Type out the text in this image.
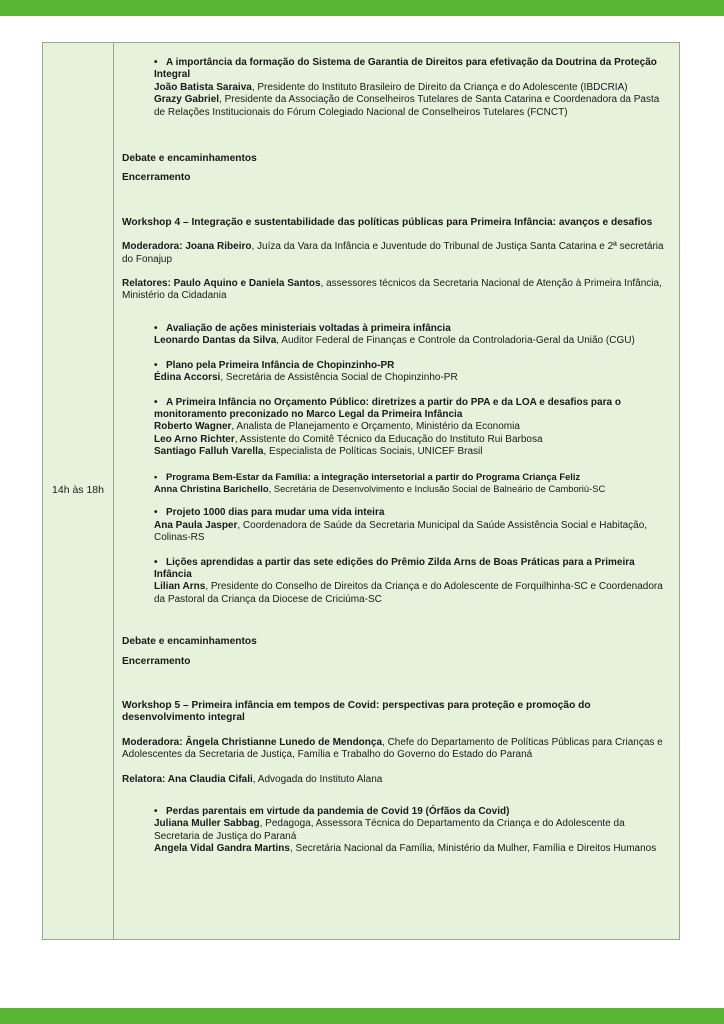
14h às 18h

• A importância da formação do Sistema de Garantia de Direitos para efetivação da Doutrina da Proteção Integral

João Batista Saraiva, Presidente do Instituto Brasileiro de Direito da Criança e do Adolescente (IBDCRIA)

Grazy Gabriel, Presidente da Associação de Conselheiros Tutelares de Santa Catarina e Coordenadora da Pasta de Relações Institucionais do Fórum Colegiado Nacional de Conselheiros Tutelares (FCNCT)

Debate e encaminhamentos

Encerramento

Workshop 4 – Integração e sustentabilidade das políticas públicas para Primeira Infância: avanços e desafios

Moderadora: Joana Ribeiro, Juíza da Vara da Infância e Juventude do Tribunal de Justiça Santa Catarina e 2ª secretária do Fonajup

Relatores: Paulo Aquino e Daniela Santos, assessores técnicos da Secretaria Nacional de Atenção à Primeira Infância, Ministério da Cidadania

• Avaliação de ações ministeriais voltadas à primeira infância

Leonardo Dantas da Silva, Auditor Federal de Finanças e Controle da Controladoria-Geral da União (CGU)

• Plano pela Primeira Infância de Chopinzinho-PR

Édina Accorsi, Secretária de Assistência Social de Chopinzinho-PR

• A Primeira Infância no Orçamento Público: diretrizes a partir do PPA e da LOA e desafios para o monitoramento preconizado no Marco Legal da Primeira Infância

Roberto Wagner, Analista de Planejamento e Orçamento, Ministério da Economia

Leo Arno Richter, Assistente do Comitê Técnico da Educação do Instituto Rui Barbosa

Santiago Falluh Varella, Especialista de Políticas Sociais, UNICEF Brasil

• Programa Bem-Estar da Família: a integração intersetorial a partir do Programa Criança Feliz

Anna Christina Barichello, Secretária de Desenvolvimento e Inclusão Social de Balneário de Camboriú-SC

• Projeto 1000 dias para mudar uma vida inteira

Ana Paula Jasper, Coordenadora de Saúde da Secretaria Municipal da Saúde Assistência Social e Habitação, Colinas-RS

• Lições aprendidas a partir das sete edições do Prêmio Zilda Arns de Boas Práticas para a Primeira Infância

Lilian Arns, Presidente do Conselho de Direitos da Criança e do Adolescente de Forquilhinha-SC e Coordenadora da Pastoral da Criança da Diocese de Criciúma-SC

Debate e encaminhamentos

Encerramento

Workshop 5 – Primeira infância em tempos de Covid: perspectivas para proteção e promoção do desenvolvimento integral

Moderadora: Ângela Christianne Lunedo de Mendonça, Chefe do Departamento de Políticas Públicas para Crianças e Adolescentes da Secretaria de Justiça, Família e Trabalho do Governo do Estado do Paraná

Relatora: Ana Claudia Cifali, Advogada do Instituto Alana

• Perdas parentais em virtude da pandemia de Covid 19 (Órfãos da Covid)

Juliana Muller Sabbag, Pedagoga, Assessora Técnica do Departamento da Criança e do Adolescente da Secretaria de Justiça do Paraná

Angela Vidal Gandra Martins, Secretária Nacional da Família, Ministério da Mulher, Família e Direitos Humanos
